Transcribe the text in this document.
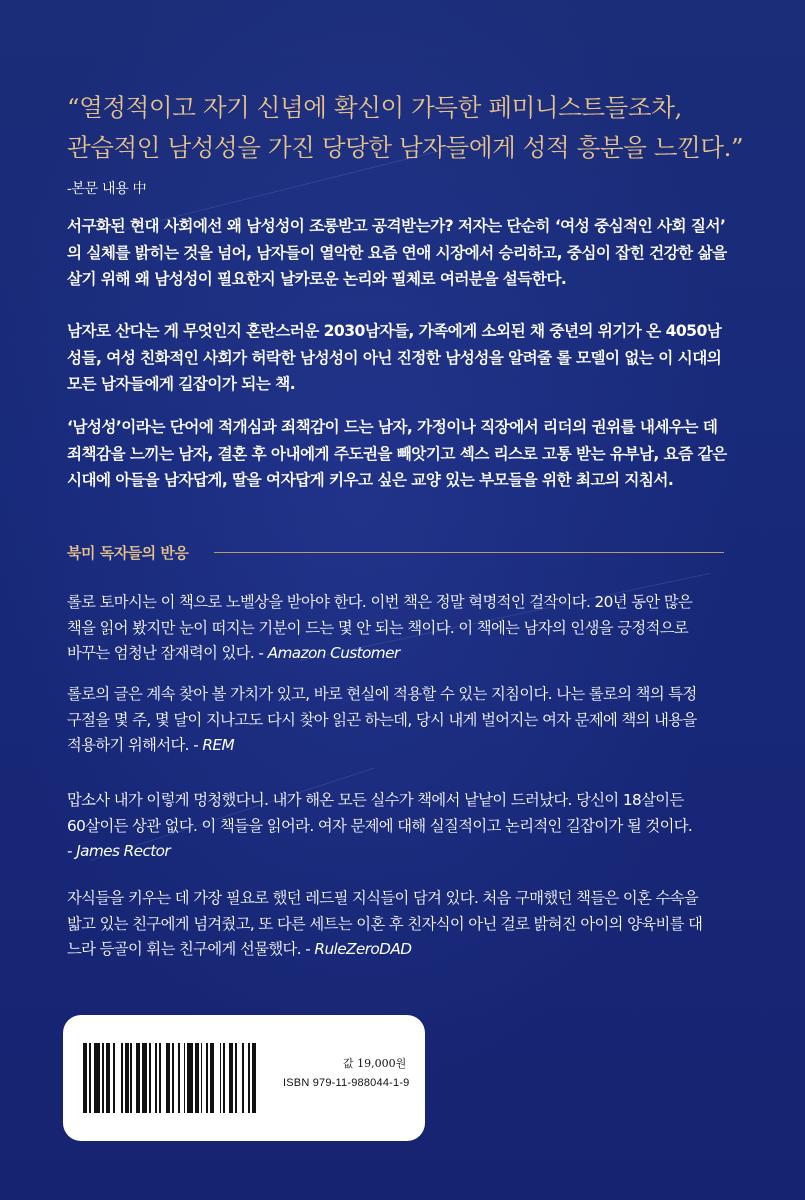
“열정적이고 자기 신념에 확신이 가득한 페미니스트들조차,
관습적인 남성성을 가진 당당한 남자들에게 성적 흥분을 느낀다.”
-본문 내용 中
서구화된 현대 사회에선 왜 남성성이 조롱받고 공격받는가? 저자는 단순히 ‘여성 중심적인 사회 질서’
의 실체를 밝히는 것을 넘어, 남자들이 열악한 요즘 연애 시장에서 승리하고, 중심이 잡힌 건강한 삶을
살기 위해 왜 남성성이 필요한지 날카로운 논리와 필체로 여러분을 설득한다.
남자로 산다는 게 무엇인지 혼란스러운 2030남자들, 가족에게 소외된 채 중년의 위기가 온 4050남
성들, 여성 친화적인 사회가 허락한 남성성이 아닌 진정한 남성성을 알려줄 롤 모델이 없는 이 시대의
모든 남자들에게 길잡이가 되는 책.
‘남성성’이라는 단어에 적개심과 죄책감이 드는 남자, 가정이나 직장에서 리더의 권위를 내세우는 데
죄책감을 느끼는 남자, 결혼 후 아내에게 주도권을 빼앗기고 섹스 리스로 고통 받는 유부남, 요즘 같은
시대에 아들을 남자답게, 딸을 여자답게 키우고 싶은 교양 있는 부모들을 위한 최고의 지침서.
북미 독자들의 반응
롤로 토마시는 이 책으로 노벨상을 받아야 한다. 이번 책은 정말 혁명적인 걸작이다. 20년 동안 많은
책을 읽어 봤지만 눈이 떠지는 기분이 드는 몇 안 되는 책이다. 이 책에는 남자의 인생을 긍정적으로
바꾸는 엄청난 잠재력이 있다. - Amazon Customer
롤로의 글은 계속 찾아 볼 가치가 있고, 바로 현실에 적용할 수 있는 지침이다. 나는 롤로의 책의 특정
구절을 몇 주, 몇 달이 지나고도 다시 찾아 읽곤 하는데, 당시 내게 벌어지는 여자 문제에 책의 내용을
적용하기 위해서다. - REM
맙소사 내가 이렇게 멍청했다니. 내가 해온 모든 실수가 책에서 낱낱이 드러났다. 당신이 18살이든
60살이든 상관 없다. 이 책들을 읽어라. 여자 문제에 대해 실질적이고 논리적인 길잡이가 될 것이다.
- James Rector
자식들을 키우는 데 가장 필요로 했던 레드필 지식들이 담겨 있다. 처음 구매했던 책들은 이혼 수속을
밟고 있는 친구에게 넘겨줬고, 또 다른 세트는 이혼 후 친자식이 아닌 걸로 밝혀진 아이의 양육비를 대
느라 등골이 휘는 친구에게 선물했다. - RuleZeroDAD
값 19,000원
ISBN 979-11-988044-1-9
